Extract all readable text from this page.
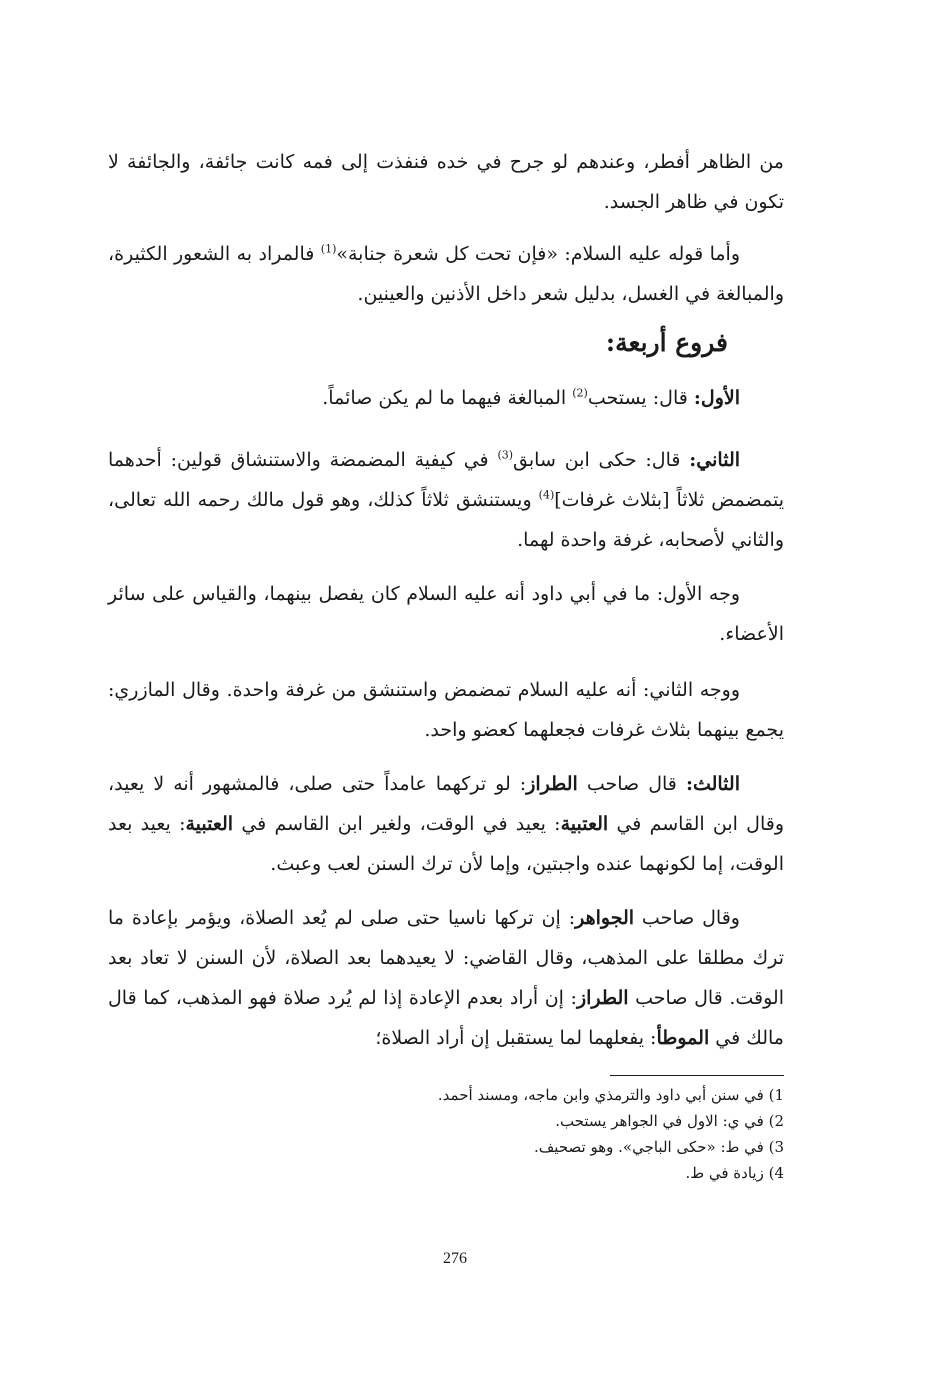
من الظاهر أفطر، وعندهم لو جرح في خده فنفذت إلى فمه كانت جائفة، والجائفة لا تكون في ظاهر الجسد.

وأما قوله عليه السلام: «فإن تحت كل شعرة جنابة»$^{(1)}$ فالمراد به الشعور الكثيرة، والمبالغة في الغسل، بدليل شعر داخل الأذنين والعينين.

الأول: قال: يستحب$^{(2)}$ المبالغة فيهما ما لم يكن صائماً.

الثاني: قال: حكى ابن سابق$^{(3)}$ في كيفية المضمضة والاستنشاق قولين: أحدهما يتمضمض ثلاثاً [بثلاث غرفات]$^{(4)}$ ويستنشق ثلاثاً كذلك، وهو قول مالك رحمه الله تعالى، والثاني لأصحابه، غرفة واحدة لهما.

وجه الأول: ما في أبي داود أنه عليه السلام كان يفصل بينهما، والقياس على سائر الأعضاء.

ووجه الثاني: أنه عليه السلام تمضمض واستنشق من غرفة واحدة. وقال المازري: يجمع بينهما بثلاث غرفات فجعلهما كعضو واحد.

الثالث: قال صاحب الطراز: لو تركهما عامداً حتى صلى، فالمشهور أنه لا يعيد، وقال ابن القاسم في العتبية: يعيد في الوقت، ولغير ابن القاسم في العتبية: يعيد بعد الوقت، إما لكونهما عنده واجبتين، وإما لأن ترك السنن لعب وعبث.

وقال صاحب الجواهر: إن تركها ناسيا حتى صلى لم يُعد الصلاة، ويؤمر بإعادة ما ترك مطلقا على المذهب، وقال القاضي: لا يعيدهما بعد الصلاة، لأن السنن لا تعاد بعد الوقت. قال صاحب الطراز: إن أراد بعدم الإعادة إذا لم يُرد صلاة فهو المذهب، كما قال مالك في الموطأ: يفعلهما لما يستقبل إن أراد الصلاة؛

فروع أربعة:

1) في سنن أبي داود والترمذي وابن ماجه، ومسند أحمد.

2) في ي: الاول في الجواهر يستحب.

3) في ط: «حكى الباجي». وهو تصحيف.

4) زيادة في ط.

276
